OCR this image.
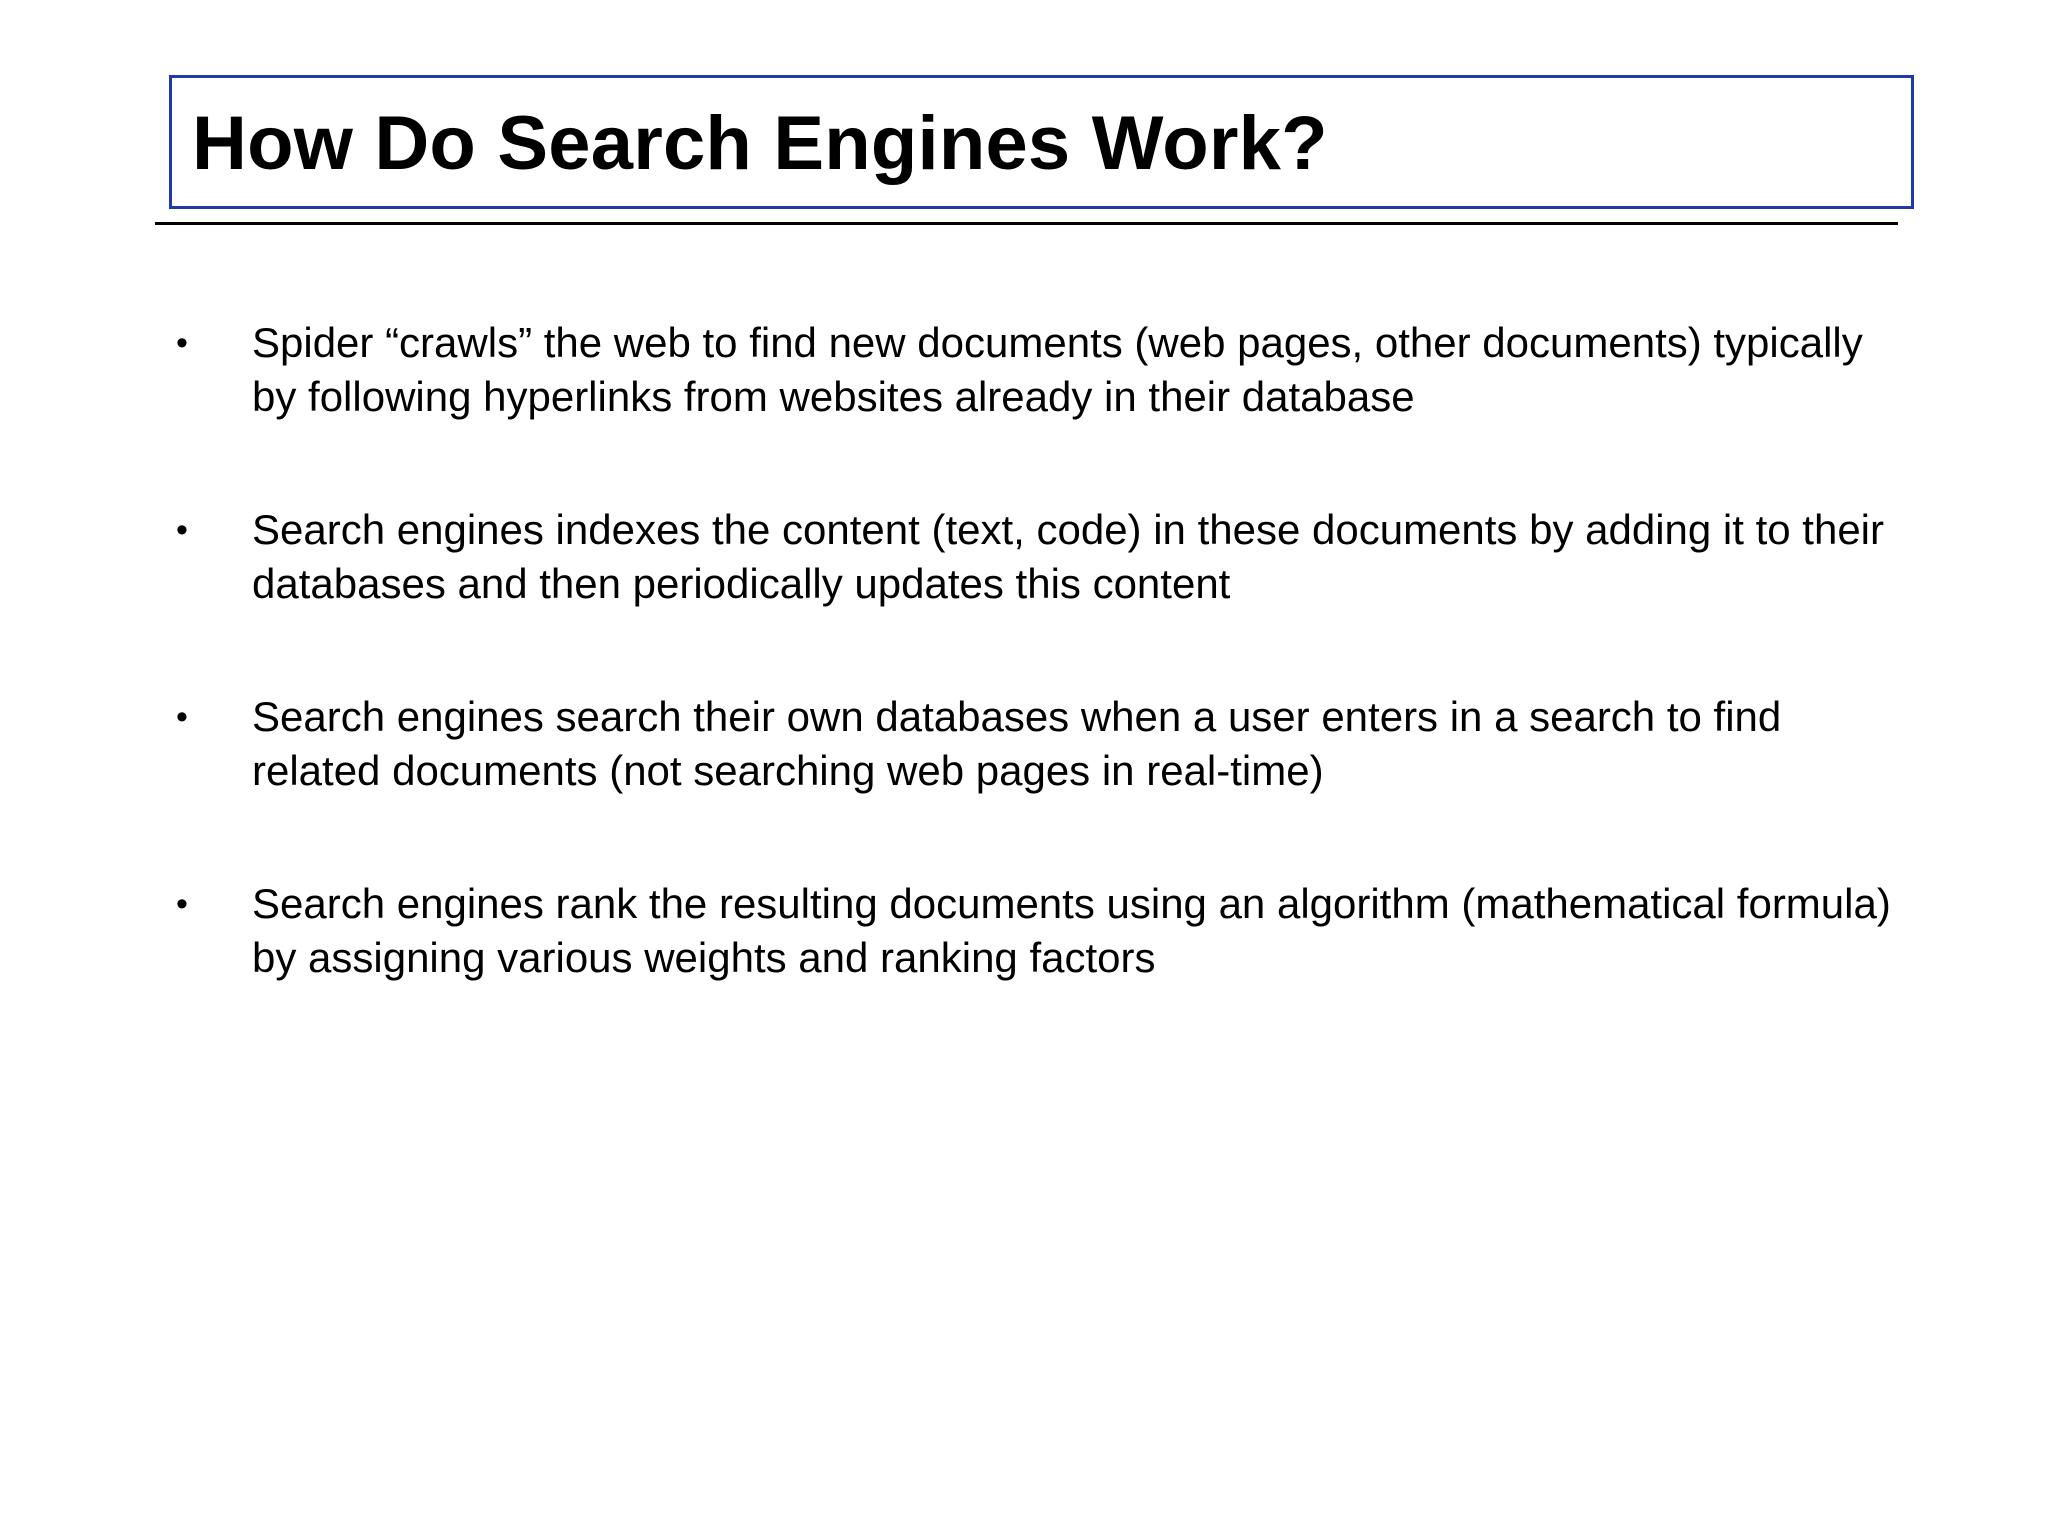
How Do Search Engines Work?
• Spider “crawls” the web to find new documents (web pages, other documents) typically by following hyperlinks from websites already in their database
• Search engines indexes the content (text, code) in these documents by adding it to their databases and then periodically updates this content
• Search engines search their own databases when a user enters in a search to find related documents (not searching web pages in real-time)
• Search engines rank the resulting documents using an algorithm (mathematical formula) by assigning various weights and ranking factors
